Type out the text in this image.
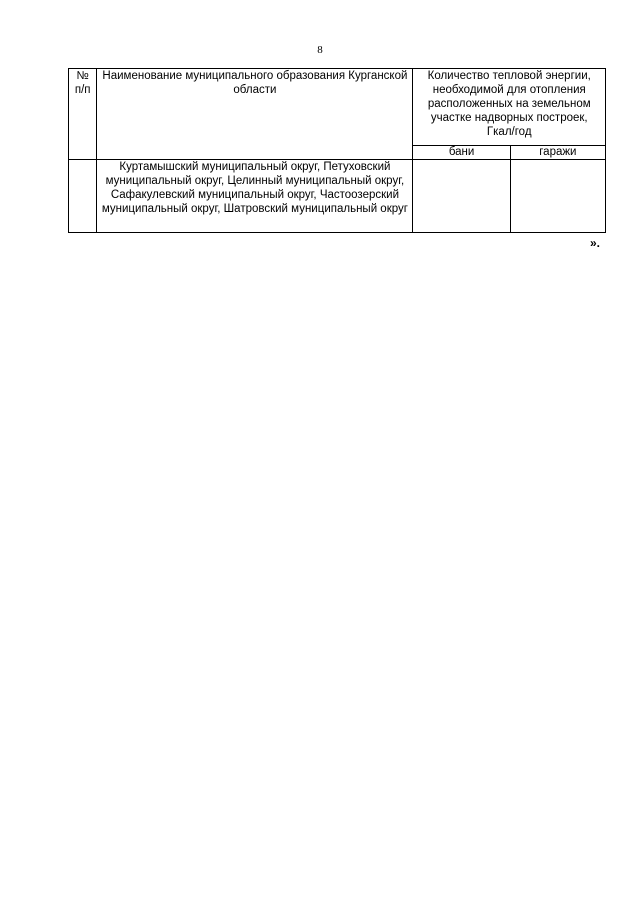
8
№ п/п	Наименование муниципального образования Курганской области	Количество тепловой энергии, необходимой для отопления расположенных на земельном участке надворных построек, Гкал/год	
		бани	гаражи
	Куртамышский муниципальный округ, Петуховский муниципальный округ, Целинный муниципальный округ, Сафакулевский муниципальный округ, Частоозерский муниципальный округ, Шатровский муниципальный округ		
».
